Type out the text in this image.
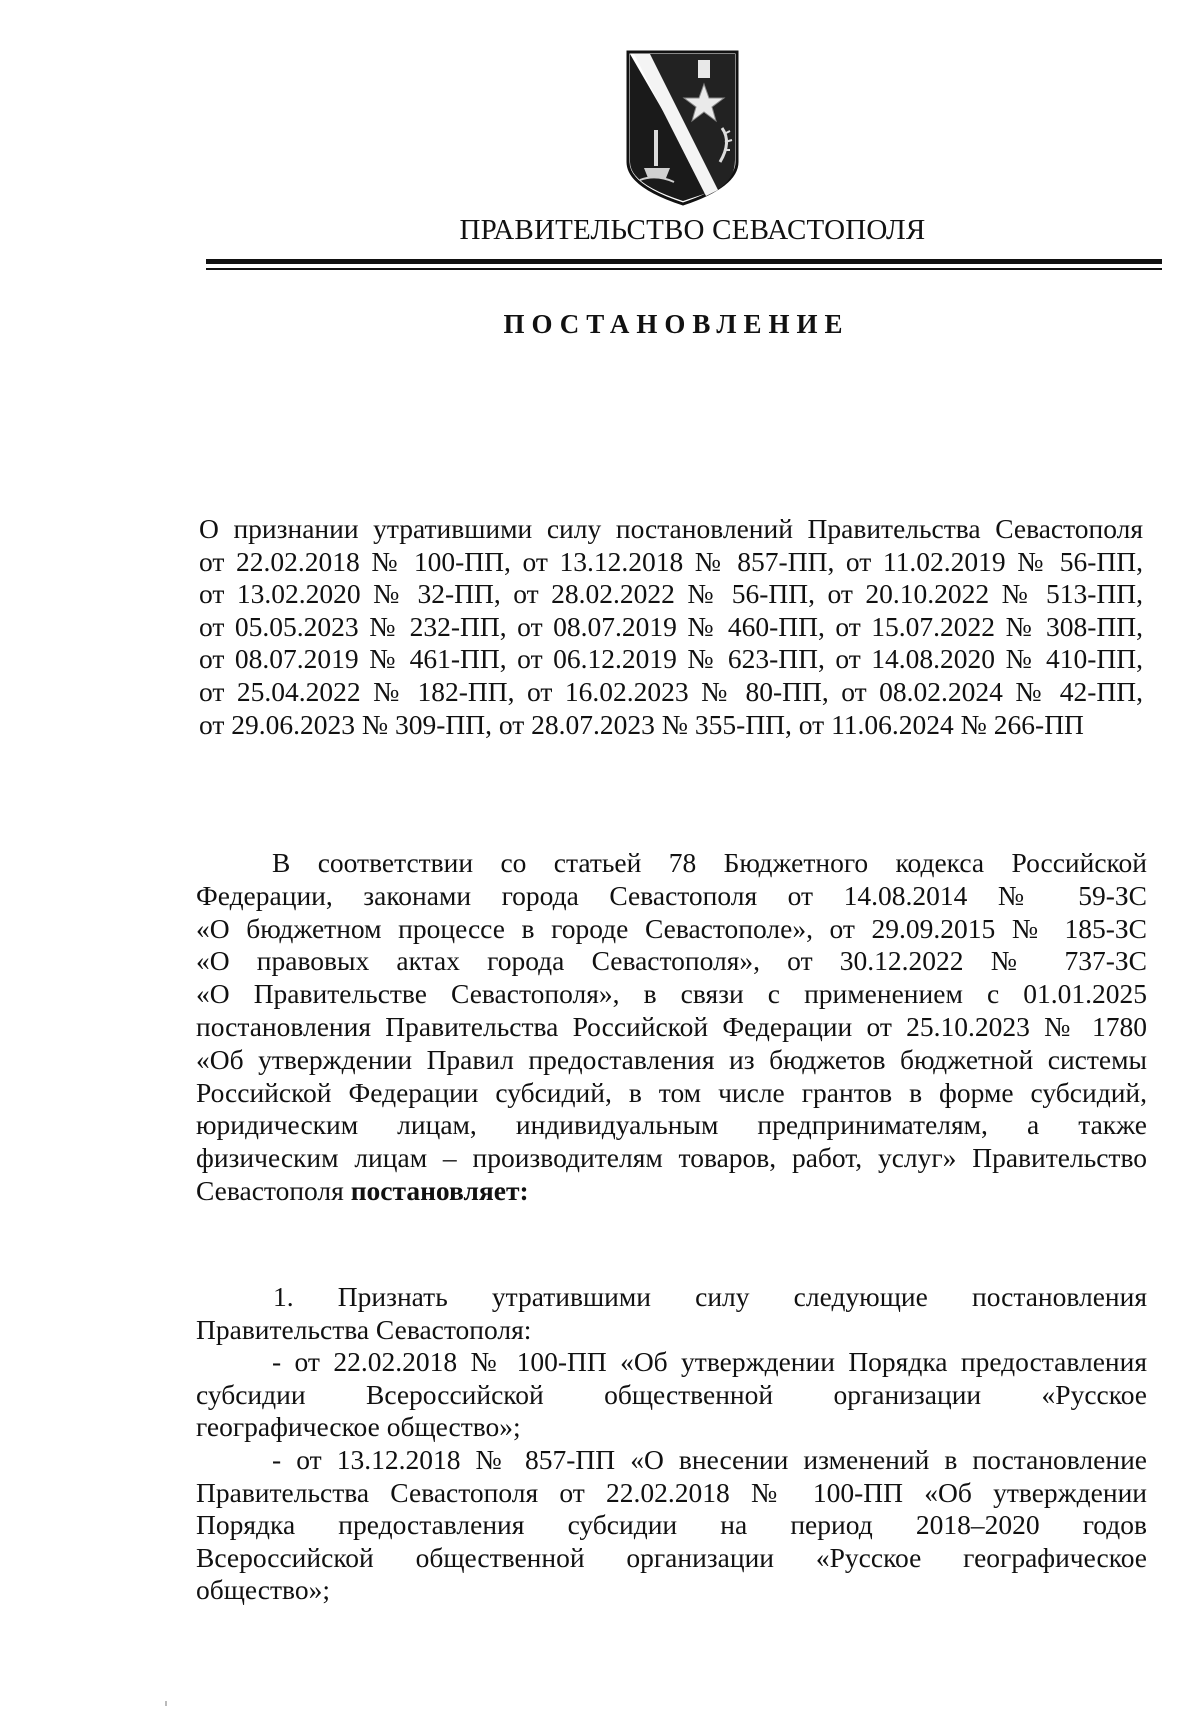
ПРАВИТЕЛЬСТВО СЕВАСТОПОЛЯ
ПОСТАНОВЛЕНИЕ
О признании утратившими силу постановлений Правительства Севастополя
от 22.02.2018 № 100-ПП, от 13.12.2018 № 857-ПП, от 11.02.2019 № 56-ПП,
от 13.02.2020 № 32-ПП, от 28.02.2022 № 56-ПП, от 20.10.2022 № 513-ПП,
от 05.05.2023 № 232-ПП, от 08.07.2019 № 460-ПП, от 15.07.2022 № 308-ПП,
от 08.07.2019 № 461-ПП, от 06.12.2019 № 623-ПП, от 14.08.2020 № 410-ПП,
от 25.04.2022 № 182-ПП, от 16.02.2023 № 80-ПП, от 08.02.2024 № 42-ПП,
от 29.06.2023 № 309-ПП, от 28.07.2023 № 355-ПП, от 11.06.2024 № 266-ПП
В соответствии со статьей 78 Бюджетного кодекса Российской
Федерации, законами города Севастополя от 14.08.2014 № 59-ЗС
«О бюджетном процессе в городе Севастополе», от 29.09.2015 № 185-ЗС
«О правовых актах города Севастополя», от 30.12.2022 № 737-ЗС
«О Правительстве Севастополя», в связи с применением с 01.01.2025
постановления Правительства Российской Федерации от 25.10.2023 № 1780
«Об утверждении Правил предоставления из бюджетов бюджетной системы
Российской Федерации субсидий, в том числе грантов в форме субсидий,
юридическим лицам, индивидуальным предпринимателям, а также
физическим лицам – производителям товаров, работ, услуг» Правительство
Севастополя постановляет:
1. Признать утратившими силу следующие постановления
Правительства Севастополя:
- от 22.02.2018 № 100-ПП «Об утверждении Порядка предоставления
субсидии Всероссийской общественной организации «Русское
географическое общество»;
- от 13.12.2018 № 857-ПП «О внесении изменений в постановление
Правительства Севастополя от 22.02.2018 № 100-ПП «Об утверждении
Порядка предоставления субсидии на период 2018–2020 годов
Всероссийской общественной организации «Русское географическое
общество»;
